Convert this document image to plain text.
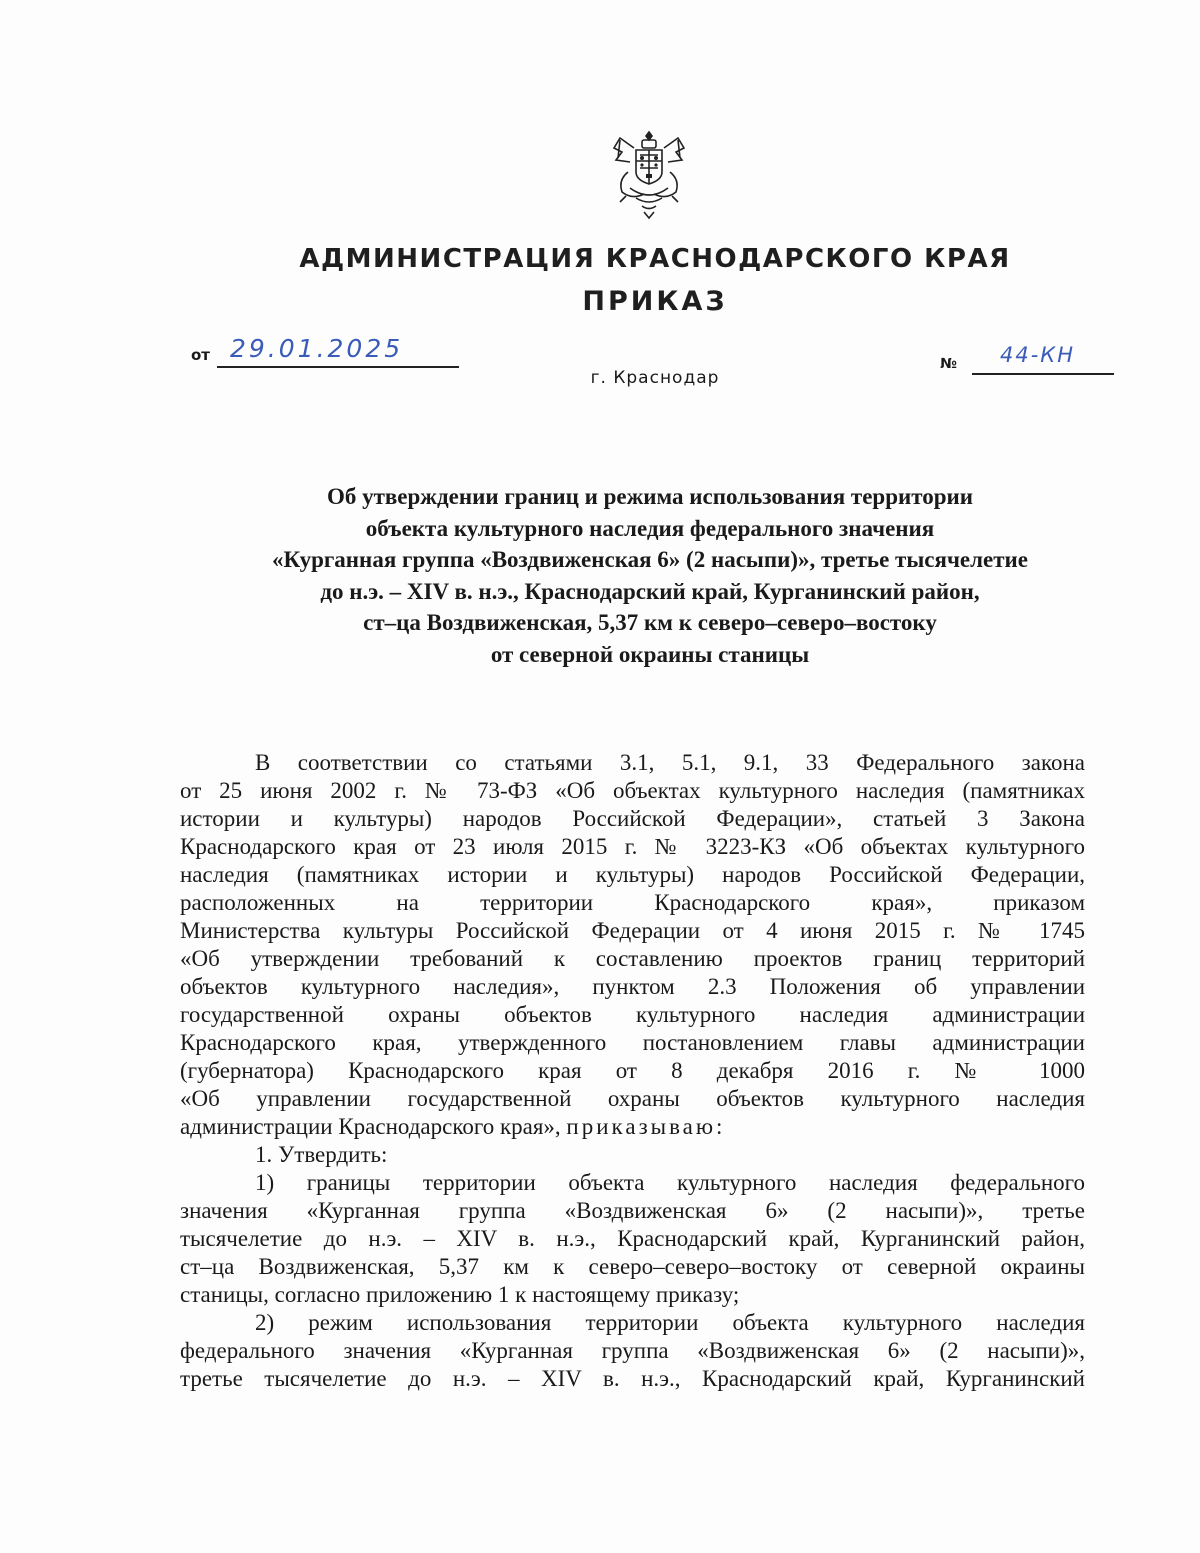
АДМИНИСТРАЦИЯ КРАСНОДАРСКОГО КРАЯ
ПРИКАЗ
от 29.01.2025
г. Краснодар
№ 44-КН
Об утверждении границ и режима использования территории
объекта культурного наследия федерального значения
«Курганная группа «Воздвиженская 6» (2 насыпи)», третье тысячелетие
до н.э. – XIV в. н.э., Краснодарский край, Курганинский район,
ст–ца Воздвиженская, 5,37 км к северо–северо–востоку
от северной окраины станицы
В соответствии со статьями 3.1, 5.1, 9.1, 33 Федерального закона
от 25 июня 2002 г. № 73-ФЗ «Об объектах культурного наследия (памятниках
истории и культуры) народов Российской Федерации», статьей 3 Закона
Краснодарского края от 23 июля 2015 г. № 3223-КЗ «Об объектах культурного
наследия (памятниках истории и культуры) народов Российской Федерации,
расположенных на территории Краснодарского края», приказом
Министерства культуры Российской Федерации от 4 июня 2015 г. № 1745
«Об утверждении требований к составлению проектов границ территорий
объектов культурного наследия», пунктом 2.3 Положения об управлении
государственной охраны объектов культурного наследия администрации
Краснодарского края, утвержденного постановлением главы администрации
(губернатора) Краснодарского края от 8 декабря 2016 г. № 1000
«Об управлении государственной охраны объектов культурного наследия
администрации Краснодарского края», приказываю:
1. Утвердить:
1) границы территории объекта культурного наследия федерального
значения «Курганная группа «Воздвиженская 6» (2 насыпи)», третье
тысячелетие до н.э. – XIV в. н.э., Краснодарский край, Курганинский район,
ст–ца Воздвиженская, 5,37 км к северо–северо–востоку от северной окраины
станицы, согласно приложению 1 к настоящему приказу;
2) режим использования территории объекта культурного наследия
федерального значения «Курганная группа «Воздвиженская 6» (2 насыпи)»,
третье тысячелетие до н.э. – XIV в. н.э., Краснодарский край, Курганинский
